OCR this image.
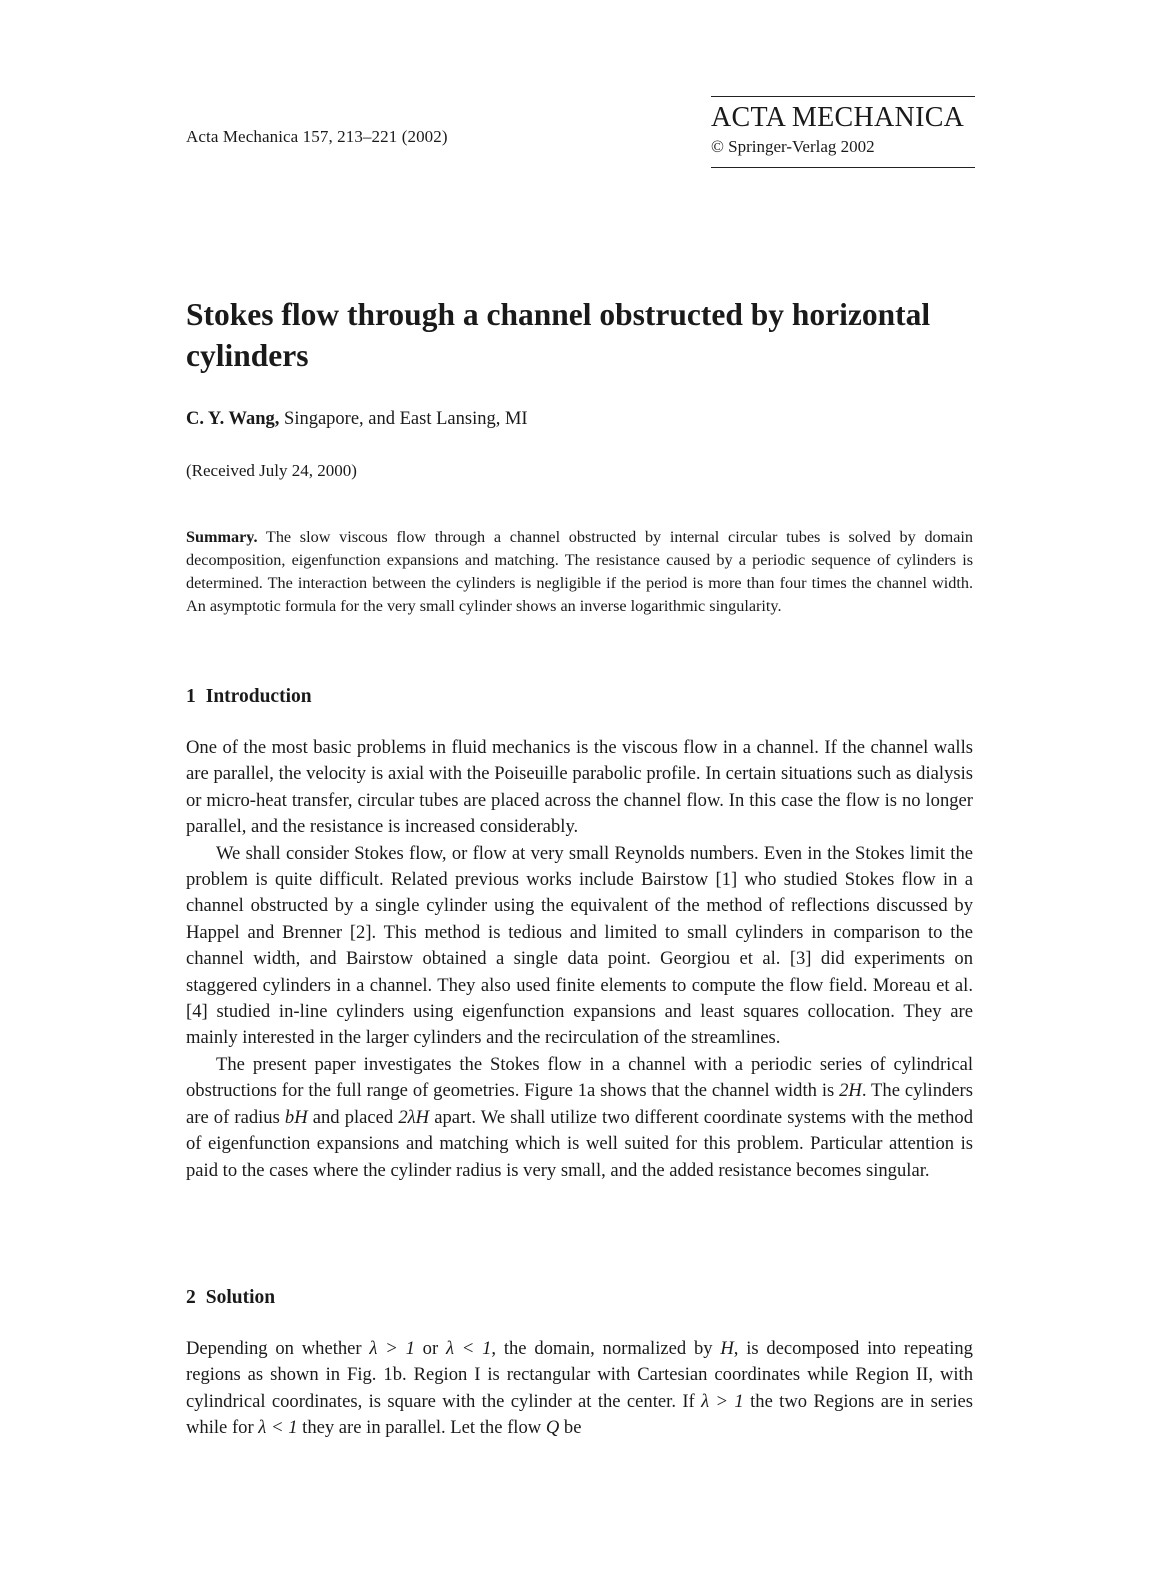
Acta Mechanica 157, 213–221 (2002)
ACTA MECHANICA
© Springer-Verlag 2002
Stokes flow through a channel obstructed by horizontal cylinders
C. Y. Wang, Singapore, and East Lansing, MI
(Received July 24, 2000)

Summary. The slow viscous flow through a channel obstructed by internal circular tubes is solved by domain decomposition, eigenfunction expansions and matching. The resistance caused by a periodic sequence of cylinders is determined. The interaction between the cylinders is negligible if the period is more than four times the channel width. An asymptotic formula for the very small cylinder shows an inverse logarithmic singularity.

1 Introduction

One of the most basic problems in fluid mechanics is the viscous flow in a channel. If the channel walls are parallel, the velocity is axial with the Poiseuille parabolic profile. In certain situations such as dialysis or micro-heat transfer, circular tubes are placed across the channel flow. In this case the flow is no longer parallel, and the resistance is increased considerably.

We shall consider Stokes flow, or flow at very small Reynolds numbers. Even in the Stokes limit the problem is quite difficult. Related previous works include Bairstow [1] who studied Stokes flow in a channel obstructed by a single cylinder using the equivalent of the method of reflections discussed by Happel and Brenner [2]. This method is tedious and limited to small cylinders in comparison to the channel width, and Bairstow obtained a single data point. Georgiou et al. [3] did experiments on staggered cylinders in a channel. They also used finite elements to compute the flow field. Moreau et al. [4] studied in-line cylinders using eigenfunction expansions and least squares collocation. They are mainly interested in the larger cylinders and the recirculation of the streamlines.

The present paper investigates the Stokes flow in a channel with a periodic series of cylindrical obstructions for the full range of geometries. Figure 1a shows that the channel width is 2H. The cylinders are of radius bH and placed 2λH apart. We shall utilize two different coordinate systems with the method of eigenfunction expansions and matching which is well suited for this problem. Particular attention is paid to the cases where the cylinder radius is very small, and the added resistance becomes singular.

2 Solution

Depending on whether λ > 1 or λ < 1, the domain, normalized by H, is decomposed into repeating regions as shown in Fig. 1b. Region I is rectangular with Cartesian coordinates while Region II, with cylindrical coordinates, is square with the cylinder at the center. If λ > 1 the two Regions are in series while for λ < 1 they are in parallel. Let the flow Q be
